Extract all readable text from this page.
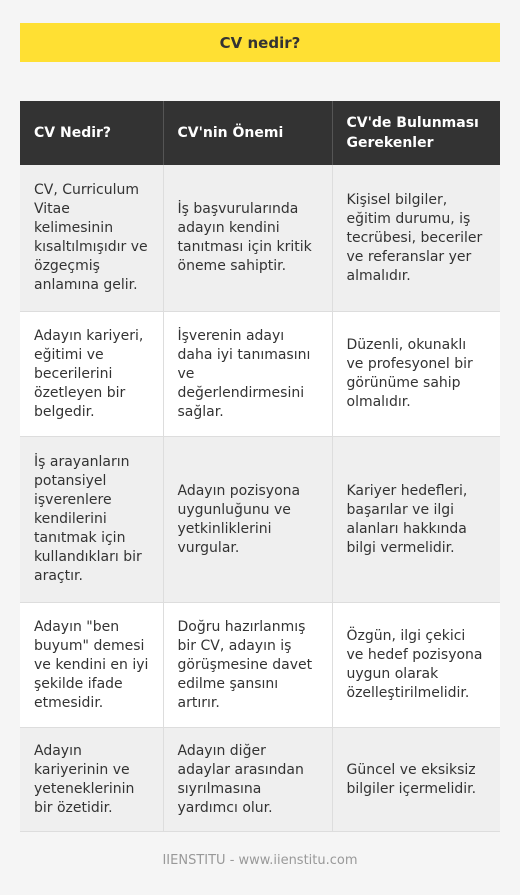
CV nedir?
CV Nedir?	CV'nin Önemi	CV'de Bulunması Gerekenler
CV, Curriculum Vitae kelimesinin kısaltılmışıdır ve özgeçmiş anlamına gelir.	İş başvurularında adayın kendini tanıtması için kritik öneme sahiptir.	Kişisel bilgiler, eğitim durumu, iş tecrübesi, beceriler ve referanslar yer almalıdır.
Adayın kariyeri, eğitimi ve becerilerini özetleyen bir belgedir.	İşverenin adayı daha iyi tanımasını ve değerlendirmesini sağlar.	Düzenli, okunaklı ve profesyonel bir görünüme sahip olmalıdır.
İş arayanların potansiyel işverenlere kendilerini tanıtmak için kullandıkları bir araçtır.	Adayın pozisyona uygunluğunu ve yetkinliklerini vurgular.	Kariyer hedefleri, başarılar ve ilgi alanları hakkında bilgi vermelidir.
Adayın "ben buyum" demesi ve kendini en iyi şekilde ifade etmesidir.	Doğru hazırlanmış bir CV, adayın iş görüşmesine davet edilme şansını artırır.	Özgün, ilgi çekici ve hedef pozisyona uygun olarak özelleştirilmelidir.
Adayın kariyerinin ve yeteneklerinin bir özetidir.	Adayın diğer adaylar arasından sıyrılmasına yardımcı olur.	Güncel ve eksiksiz bilgiler içermelidir.
IIENSTITU - www.iienstitu.com
